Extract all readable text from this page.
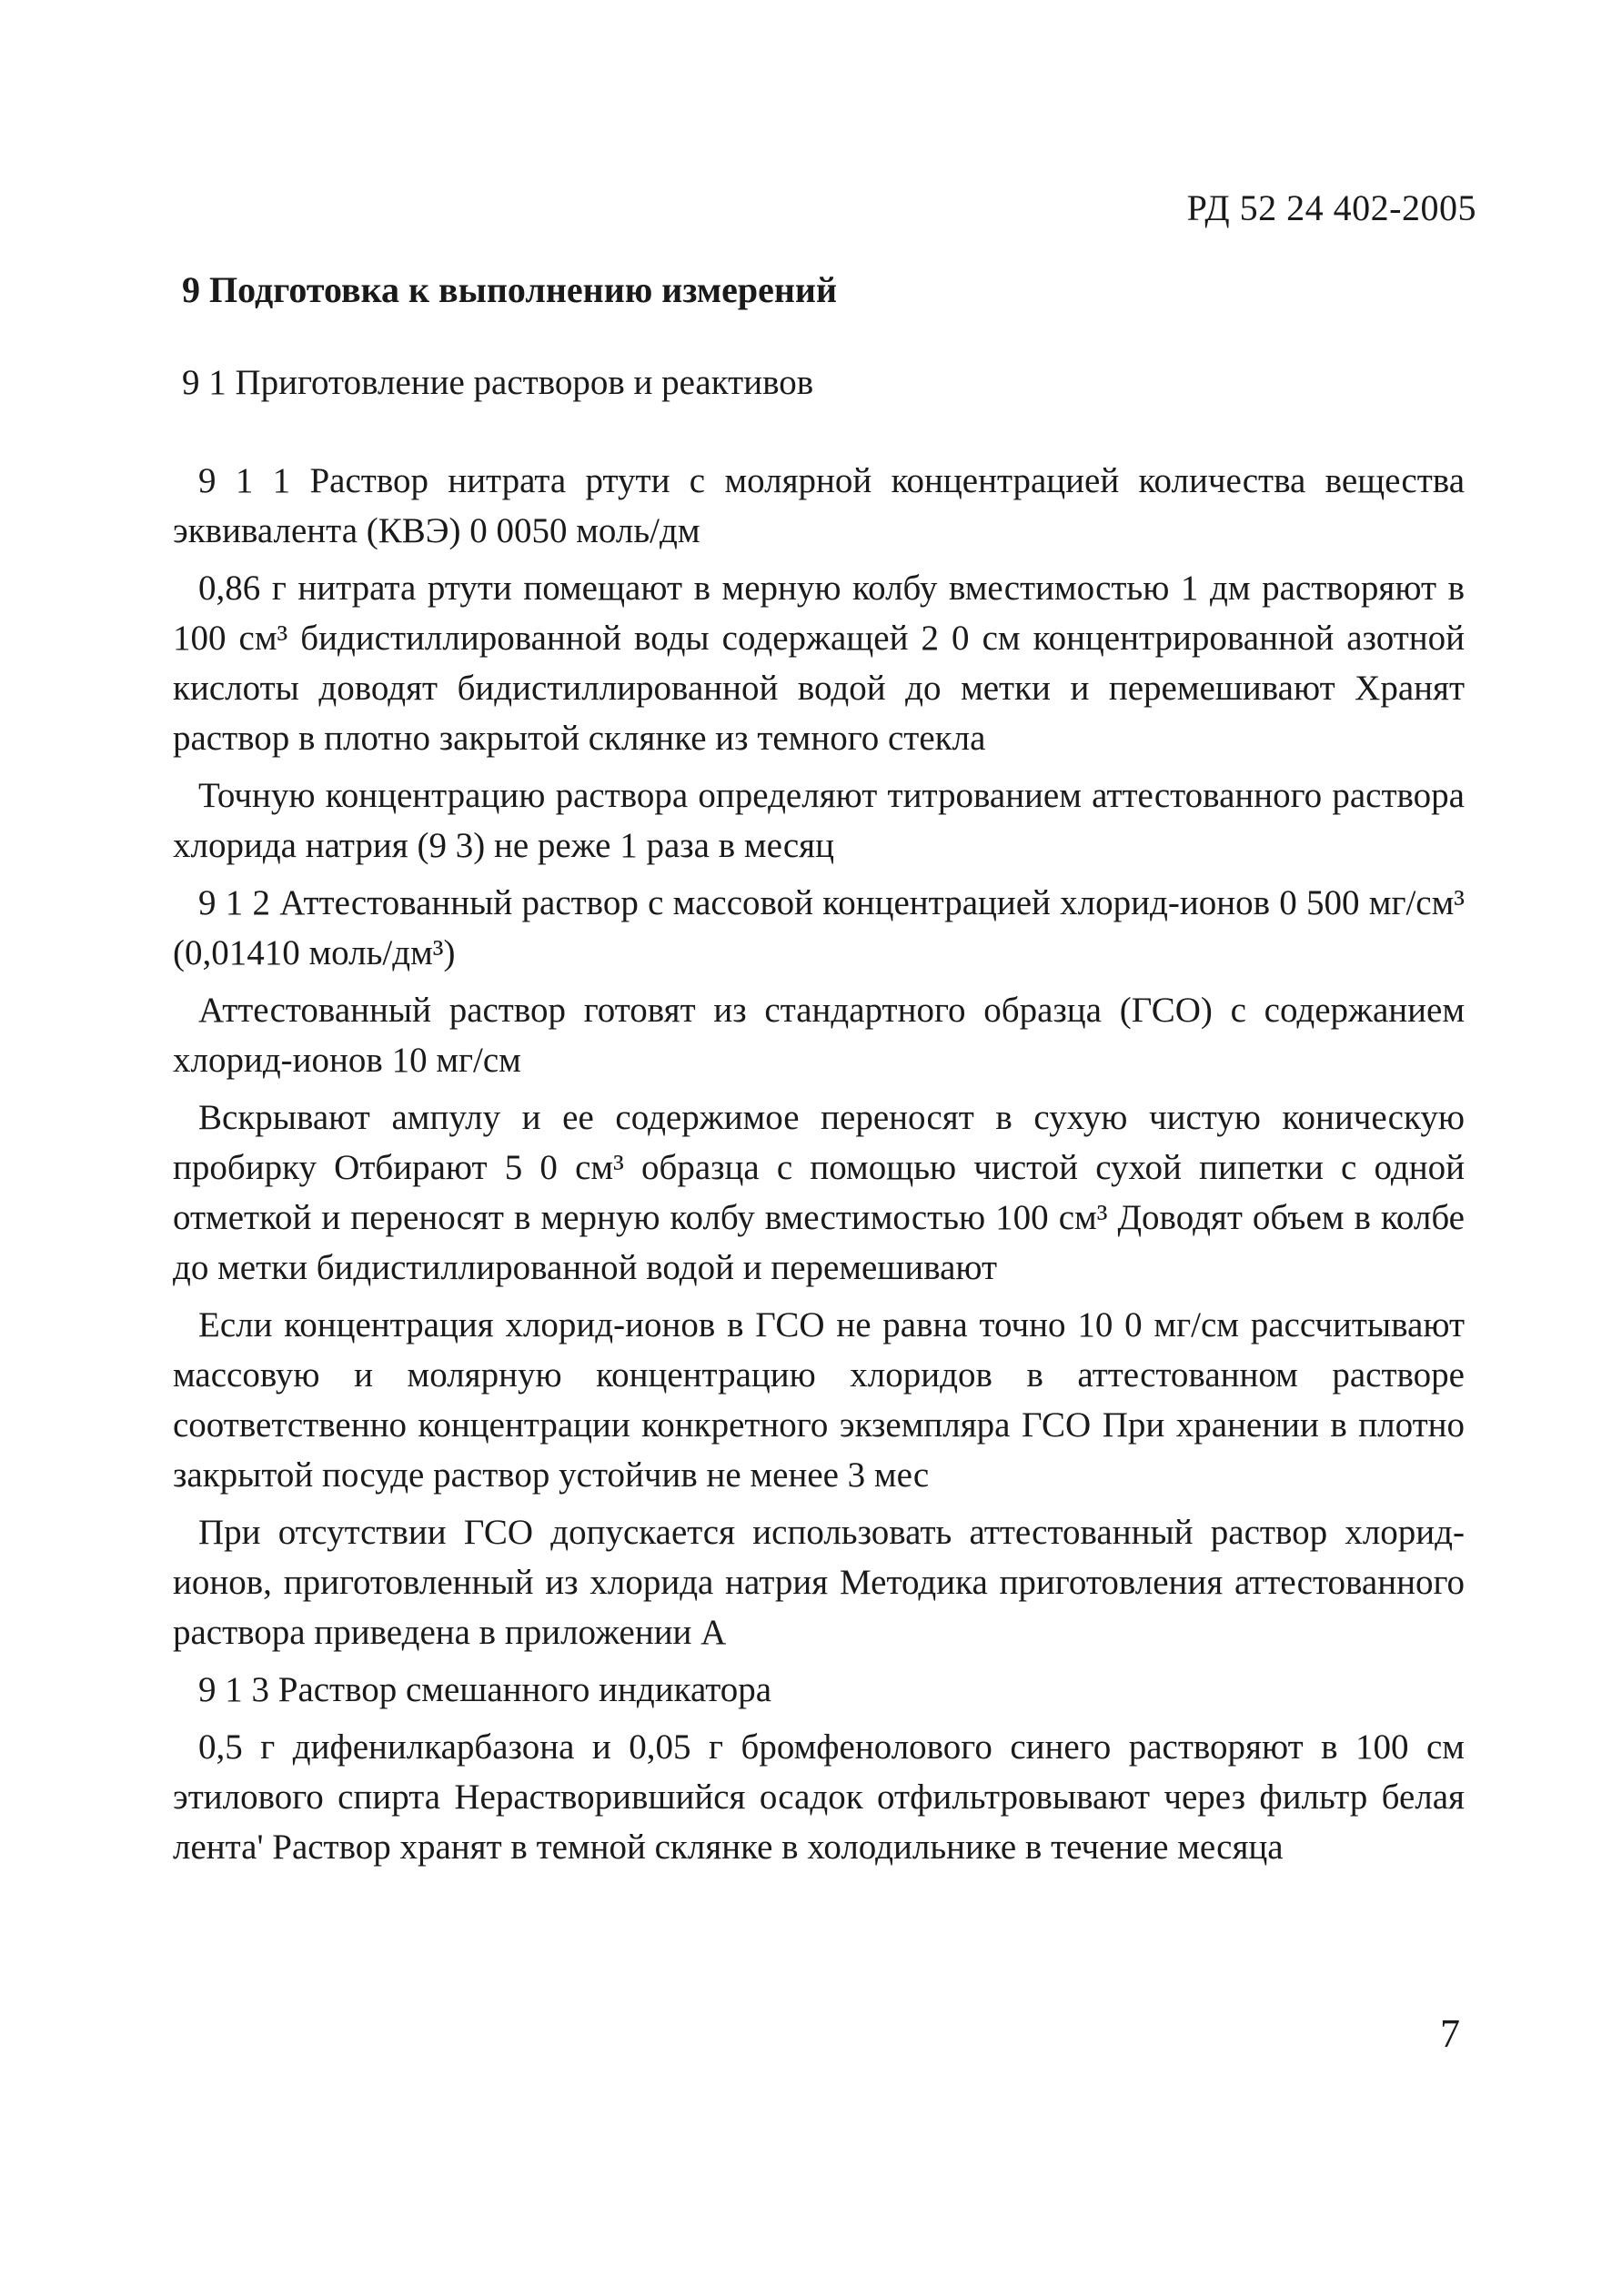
РД 52 24 402-2005
9 Подготовка к выполнению измерений
9 1 Приготовление растворов и реактивов

9 1 1 Раствор нитрата ртути с молярной концентрацией количества вещества эквивалента (КВЭ) 0 0050 моль/дм

0,86 г нитрата ртути помещают в мерную колбу вместимостью 1 дм растворяют в 100 см³ бидистиллированной воды содержащей 2 0 см концентрированной азотной кислоты доводят бидистиллированной водой до метки и перемешивают Хранят раствор в плотно закрытой склянке из темного стекла

Точную концентрацию раствора определяют титрованием аттестованного раствора хлорида натрия (9 3) не реже 1 раза в месяц

9 1 2 Аттестованный раствор с массовой концентрацией хлорид-ионов 0 500 мг/см³ (0,01410 моль/дм³)

Аттестованный раствор готовят из стандартного образца (ГСО) с содержанием хлорид-ионов 10 мг/см

Вскрывают ампулу и ее содержимое переносят в сухую чистую коническую пробирку Отбирают 5 0 см³ образца с помощью чистой сухой пипетки с одной отметкой и переносят в мерную колбу вместимостью 100 см³ Доводят объем в колбе до метки бидистиллированной водой и перемешивают

Если концентрация хлорид-ионов в ГСО не равна точно 10 0 мг/см рассчитывают массовую и молярную концентрацию хлоридов в аттестованном растворе соответственно концентрации конкретного экземпляра ГСО При хранении в плотно закрытой посуде раствор устойчив не менее 3 мес

При отсутствии ГСО допускается использовать аттестованный раствор хлорид-ионов, приготовленный из хлорида натрия Методика приготовления аттестованного раствора приведена в приложении А

9 1 3 Раствор смешанного индикатора

0,5 г дифенилкарбазона и 0,05 г бромфенолового синего растворяют в 100 см этилового спирта Нерастворившийся осадок отфильтровывают через фильтр белая лента' Раствор хранят в темной склянке в холодильнике в течение месяца

7
